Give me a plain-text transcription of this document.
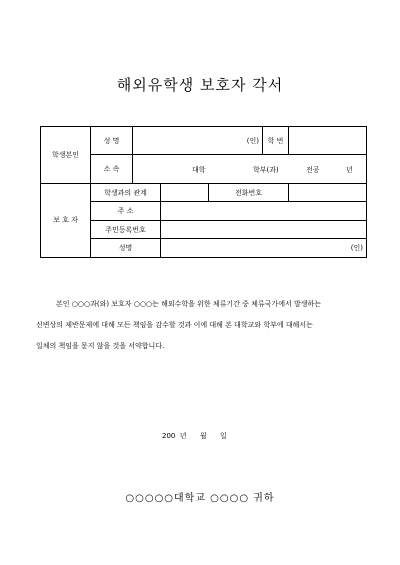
해외유학생 보호자 각서
학생본인	성 명	(인)			학 번	
	소 속	대학 학부(과) 전공 년				

보 호 자	학생과의 관계			전화번호		
	주 소					
	주민등록번호					
	성명		(인)			

본인 ○○○과(와) 보호자 ○○○는 해외수학을 위한 체류기간 중 체류국가에서 발생하는

신변상의 제반문제에 대해 모든 책임을 감수할 것과 이에 대해 본 대학교와 학부에 대해서는

일체의 책임을 묻지 않을 것을 서약합니다.

200  년      월      일
○○○○○대학교 ○○○○ 귀하
